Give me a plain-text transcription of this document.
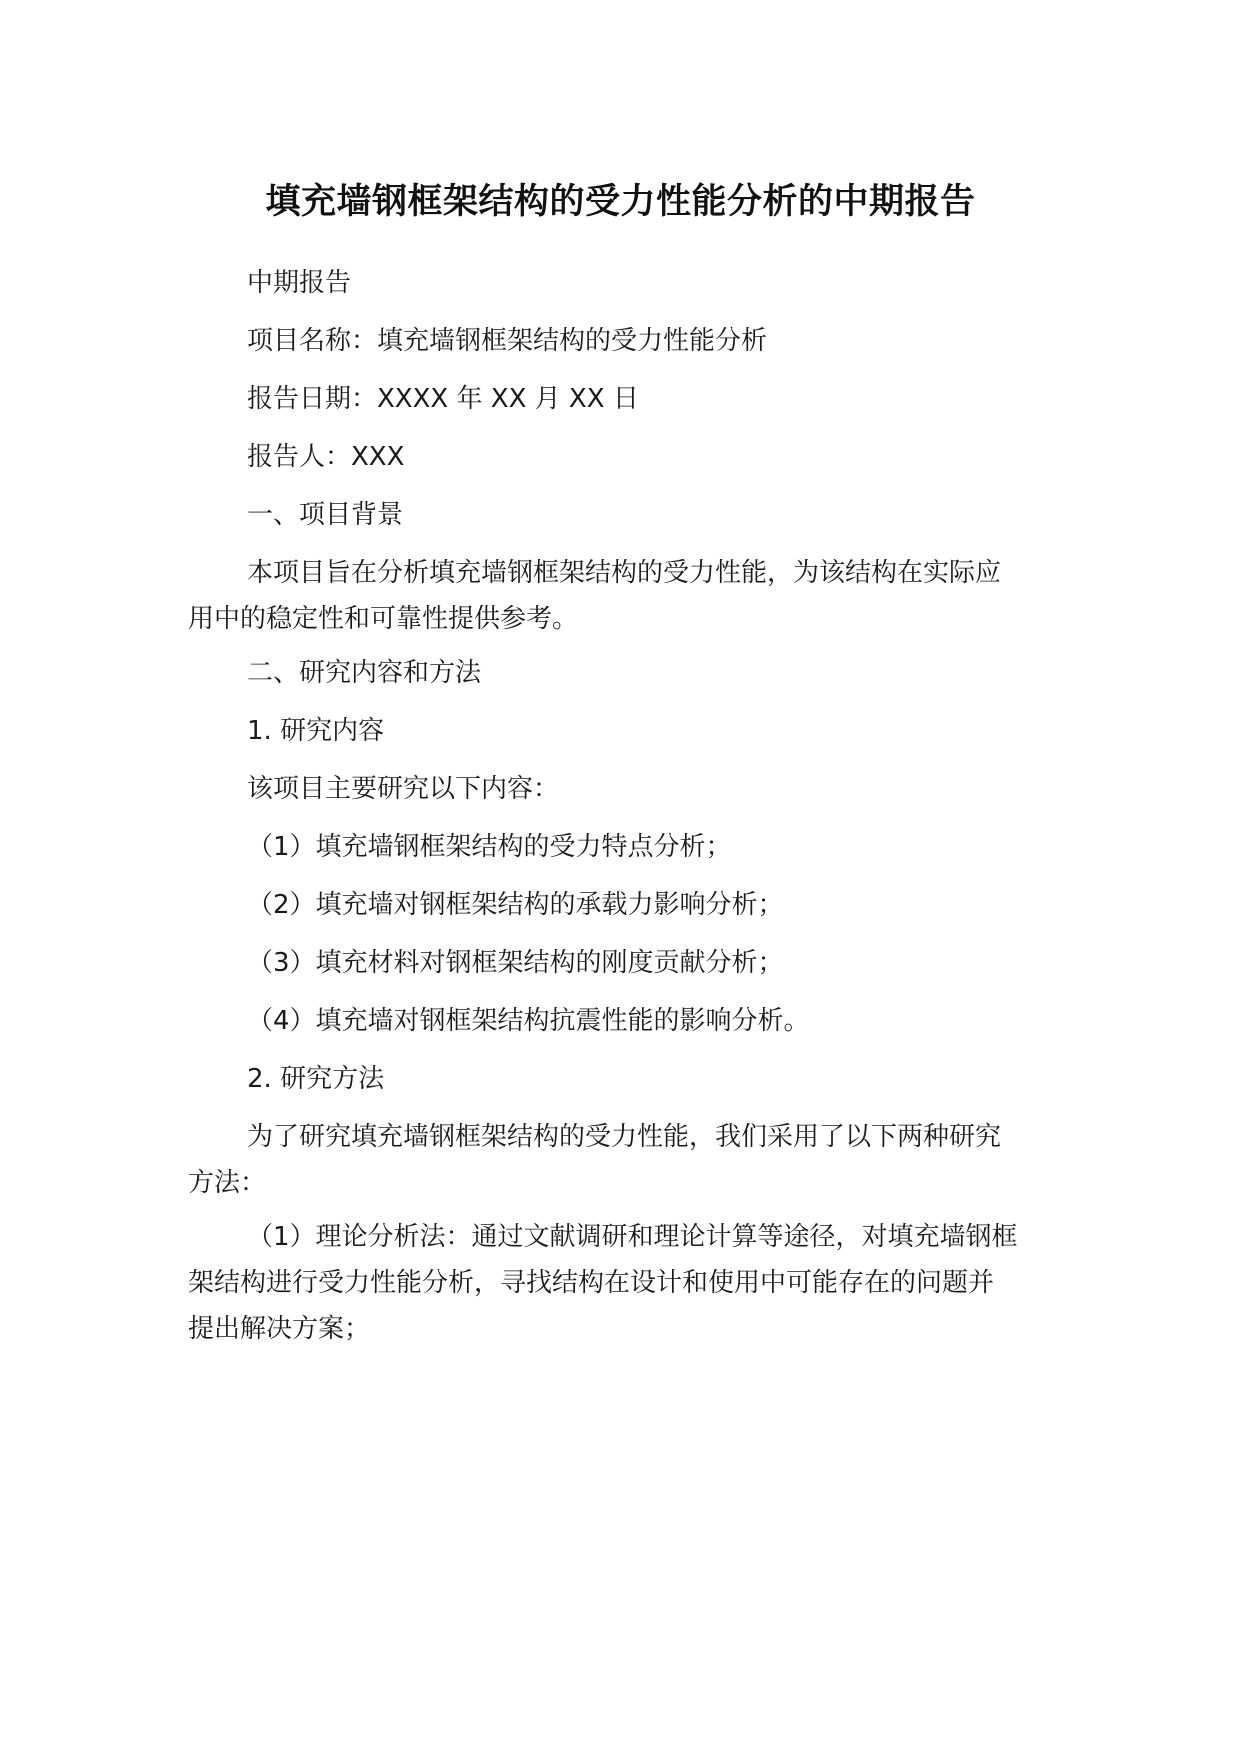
填充墙钢框架结构的受力性能分析的中期报告
中期报告
项目名称：填充墙钢框架结构的受力性能分析
报告日期：XXXX 年 XX 月 XX 日
报告人：XXX
一、项目背景
本项目旨在分析填充墙钢框架结构的受力性能，为该结构在实际应
用中的稳定性和可靠性提供参考。
二、研究内容和方法
1. 研究内容
该项目主要研究以下内容：
（1）填充墙钢框架结构的受力特点分析；
（2）填充墙对钢框架结构的承载力影响分析；
（3）填充材料对钢框架结构的刚度贡献分析；
（4）填充墙对钢框架结构抗震性能的影响分析。
2. 研究方法
为了研究填充墙钢框架结构的受力性能，我们采用了以下两种研究
方法：
（1）理论分析法：通过文献调研和理论计算等途径，对填充墙钢框
架结构进行受力性能分析，寻找结构在设计和使用中可能存在的问题并
提出解决方案；
